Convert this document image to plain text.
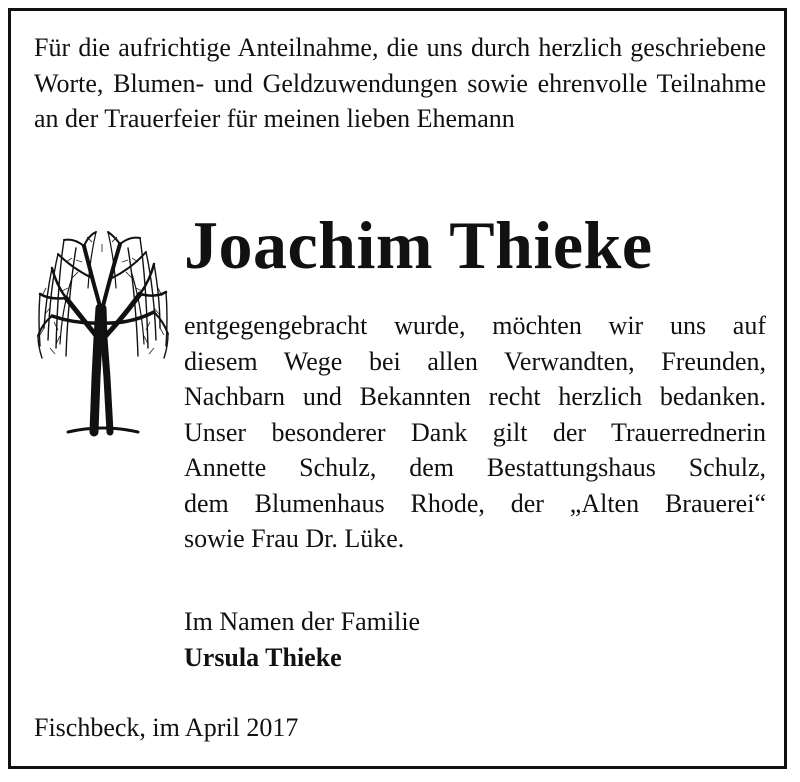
Für die aufrichtige Anteilnahme, die uns durch herzlich geschriebene Worte, Blumen- und Geldzuwendungen sowie ehrenvolle Teilnahme an der Trauerfeier für meinen lieben Ehemann

Joachim Thieke
entgegengebracht wurde, möchten wir uns auf
diesem Wege bei allen Verwandten, Freunden,
Nachbarn und Bekannten recht herzlich bedanken.
Unser besonderer Dank gilt der Trauerrednerin
Annette Schulz, dem Bestattungshaus Schulz,
dem Blumenhaus Rhode, der „Alten Brauerei“
sowie Frau Dr. Lüke.
Im Namen der Familie
Ursula Thieke

Fischbeck, im April 2017
